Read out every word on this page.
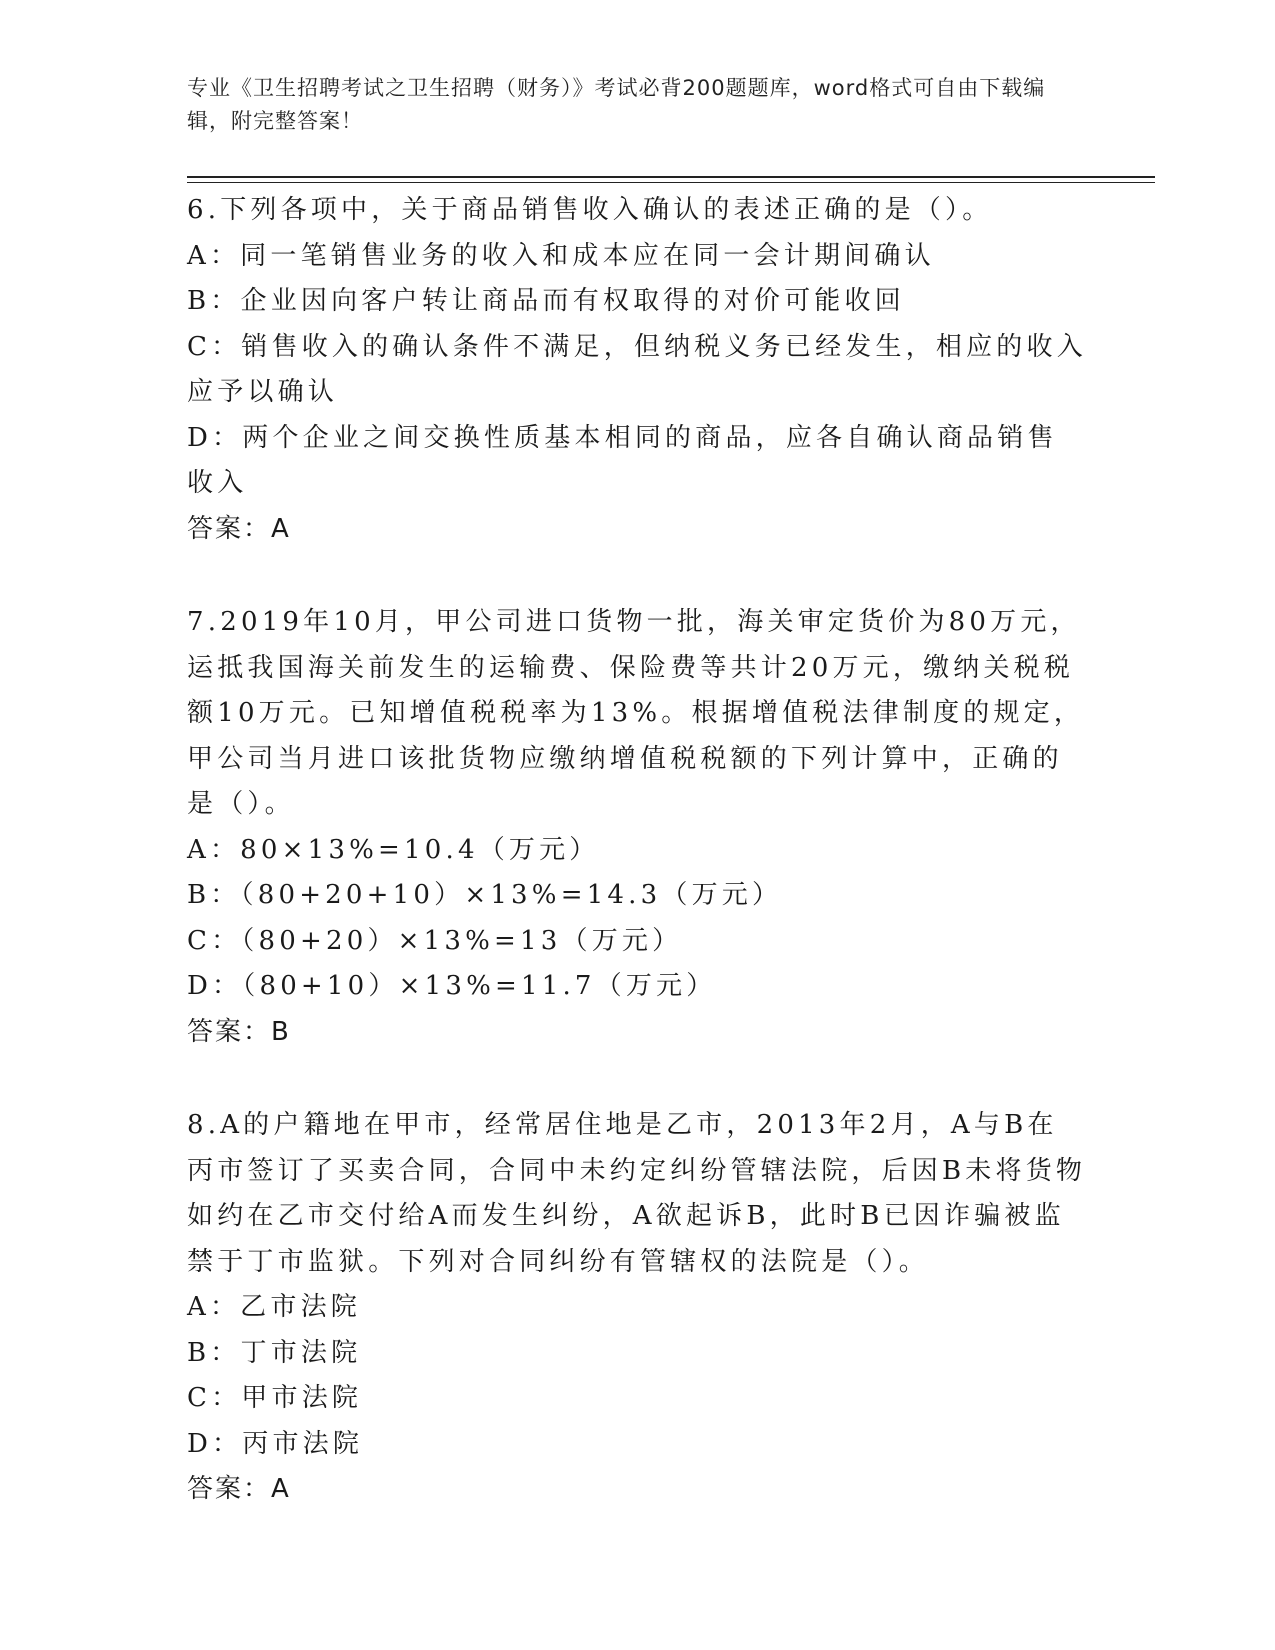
专业《卫生招聘考试之卫生招聘（财务）》考试必背200题题库，word格式可自由下载编辑，附完整答案！
6.下列各项中，关于商品销售收入确认的表述正确的是（）。
A：同一笔销售业务的收入和成本应在同一会计期间确认
B：企业因向客户转让商品而有权取得的对价可能收回
C：销售收入的确认条件不满足，但纳税义务已经发生，相应的收入应予以确认
D：两个企业之间交换性质基本相同的商品，应各自确认商品销售收入
答案：A
7.2019年10月，甲公司进口货物一批，海关审定货价为80万元，运抵我国海关前发生的运输费、保险费等共计20万元，缴纳关税税额10万元。已知增值税税率为13%。根据增值税法律制度的规定，甲公司当月进口该批货物应缴纳增值税税额的下列计算中，正确的是（）。
A：80×13%=10.4（万元）
B：（80+20+10）×13%=14.3（万元）
C：（80+20）×13%=13（万元）
D：（80+10）×13%=11.7（万元）
答案：B
8.A的户籍地在甲市，经常居住地是乙市，2013年2月，A与B在丙市签订了买卖合同，合同中未约定纠纷管辖法院，后因B未将货物如约在乙市交付给A而发生纠纷，A欲起诉B，此时B已因诈骗被监禁于丁市监狱。下列对合同纠纷有管辖权的法院是（）。
A：乙市法院
B：丁市法院
C：甲市法院
D：丙市法院
答案：A
